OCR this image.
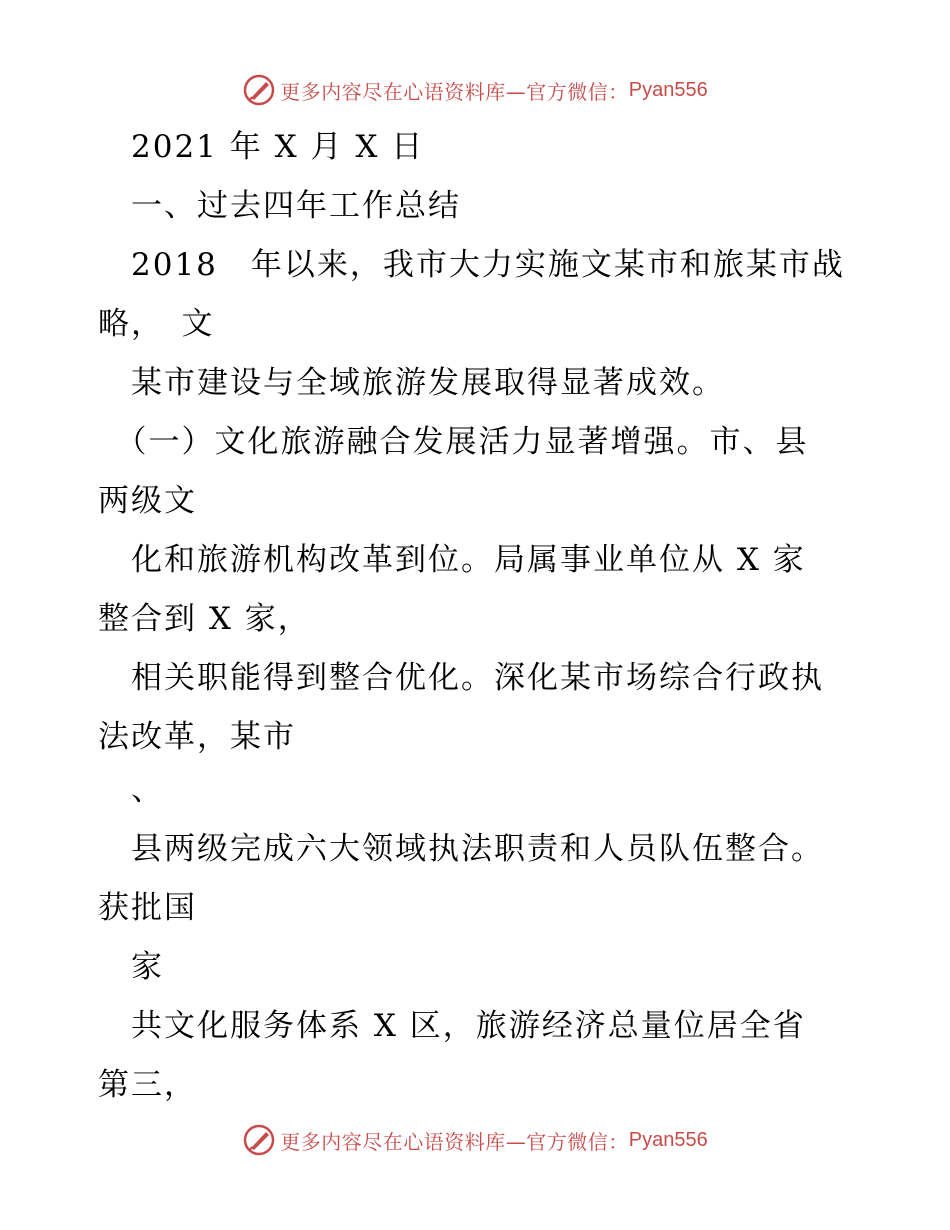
更多内容尽在心语资料库—官方微信： Pyan556
　2021 年 X 月 X 日
　一、过去四年工作总结
　2018　年以来，我市大力实施文某市和旅某市战
略，　文
　某市建设与全域旅游发展取得显著成效。
　（一）文化旅游融合发展活力显著增强。市、县
两级文
　化和旅游机构改革到位。局属事业单位从 X 家
整合到 X 家，
　相关职能得到整合优化。深化某市场综合行政执
法改革，某市
　、
　县两级完成六大领域执法职责和人员队伍整合。
获批国
　家
　共文化服务体系 X 区，旅游经济总量位居全省
第三，
更多内容尽在心语资料库—官方微信： Pyan556
